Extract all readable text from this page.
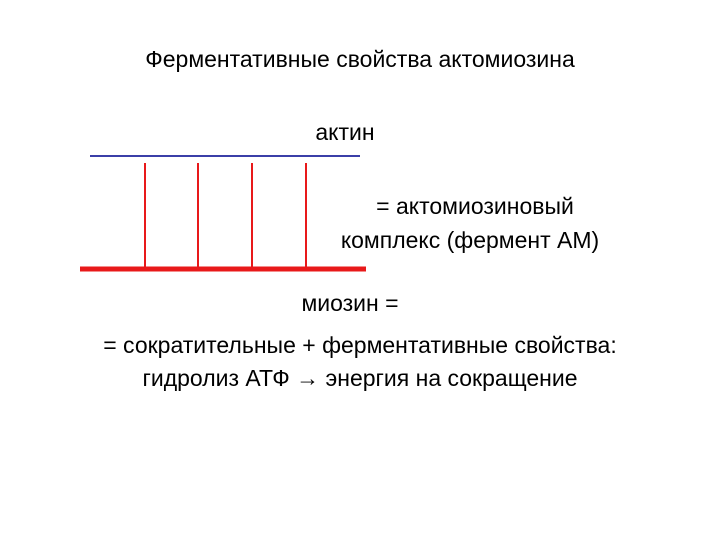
Ферментативные свойства актомиозина
актин
= актомиозиновый
комплекс (фермент АМ)
миозин =
= сократительные + ферментативные свойства:
гидролиз АТФ → энергия на сокращение
